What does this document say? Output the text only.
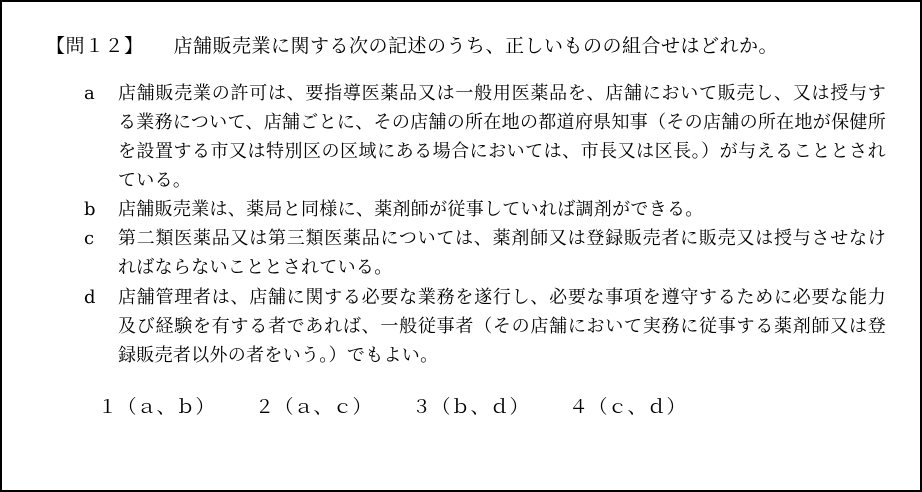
【問１２】 店舗販売業に関する次の記述のうち、正しいものの組合せはどれか。
a	店舗販売業の許可は、要指導医薬品又は一般用医薬品を、店舗において販売し、又は授与する業務について、店舗ごとに、その店舗の所在地の都道府県知事（その店舗の所在地が保健所を設置する市又は特別区の区域にある場合においては、市長又は区長。）が与えることとされている。
b	店舗販売業は、薬局と同様に、薬剤師が従事していれば調剤ができる。
c	第二類医薬品又は第三類医薬品については、薬剤師又は登録販売者に販売又は授与させなければならないこととされている。
d	店舗管理者は、店舗に関する必要な業務を遂行し、必要な事項を遵守するために必要な能力及び経験を有する者であれば、一般従事者（その店舗において実務に従事する薬剤師又は登録販売者以外の者をいう。）でもよい。
１（ａ、ｂ） ２（ａ、ｃ） ３（ｂ、ｄ） ４（ｃ、ｄ）
